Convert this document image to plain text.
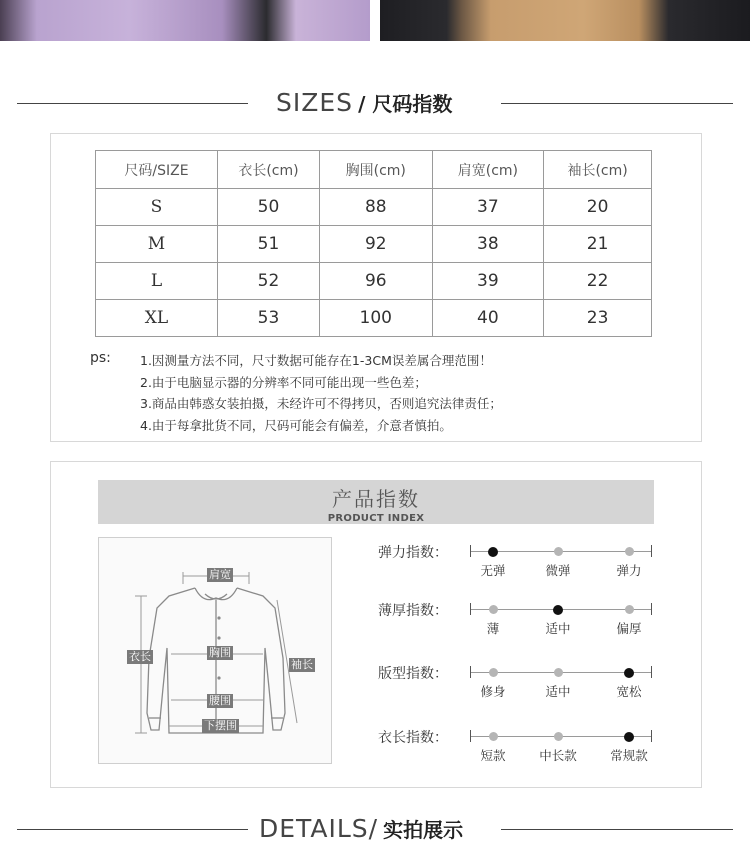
SIZES / 尺码指数
尺码/SIZE	衣长(cm)	胸围(cm)	肩宽(cm)	袖长(cm)
S	50	88	37	20
M	51	92	38	21
L	52	96	39	22
XL	53	100	40	23
ps: 1.因测量方法不同，尺寸数据可能存在1-3CM误差属合理范围！
2.由于电脑显示器的分辨率不同可能出现一些色差；
3.商品由韩惑女装拍摄，未经许可不得拷贝，否则追究法律责任；
4.由于每拿批货不同，尺码可能会有偏差，介意者慎拍。
产品指数
PRODUCT INDEX
肩宽
衣长	胸围
袖长
腰围
下摆围
弹力指数：
无弹	微弹	弹力
薄厚指数：
薄	适中	偏厚
版型指数：
修身	适中	宽松
衣长指数：
短款	中长款	常规款
DETAILS/ 实拍展示
